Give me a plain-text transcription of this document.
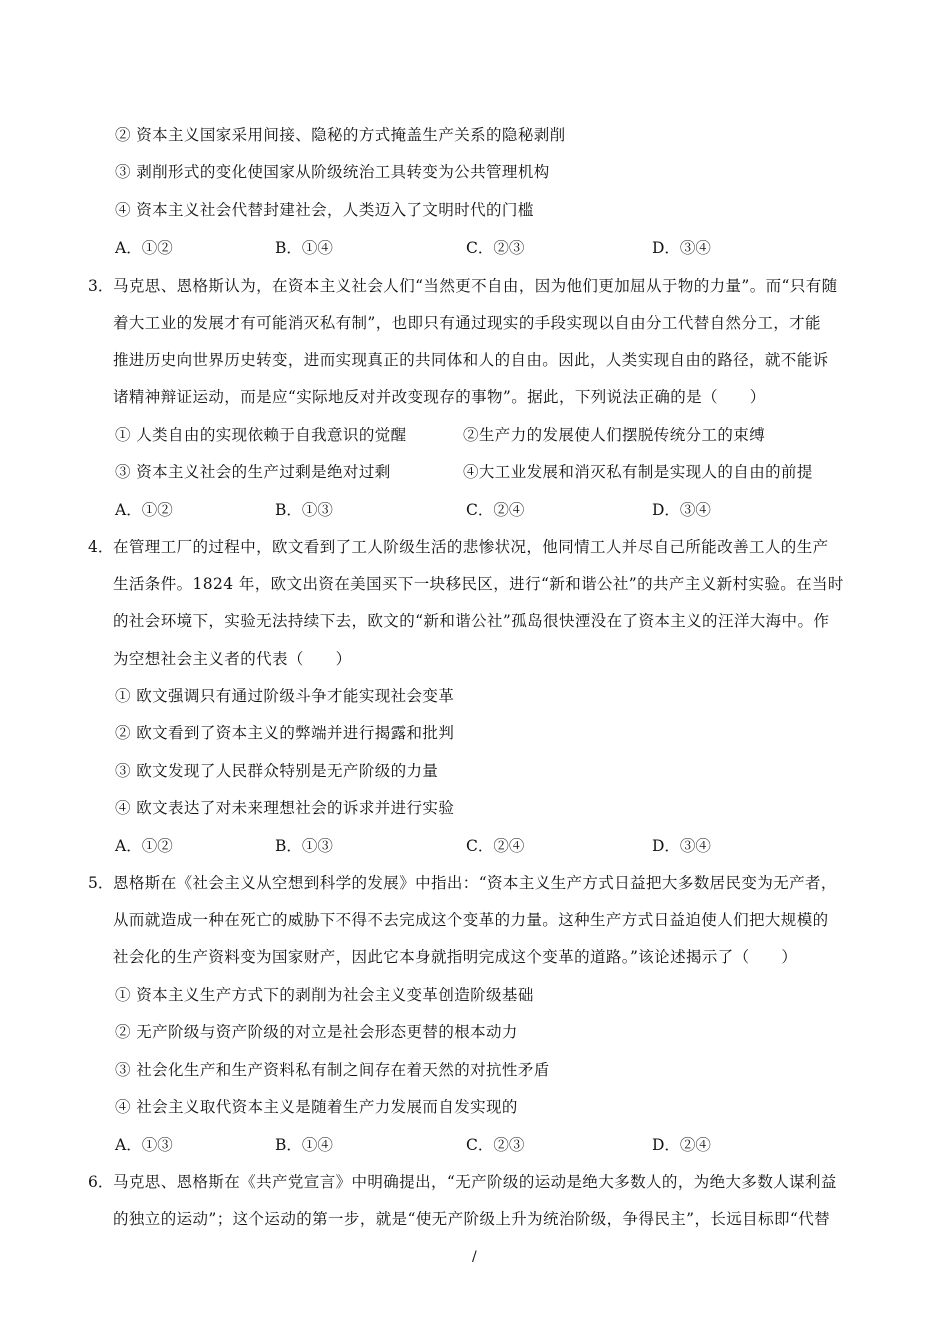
② 资本主义国家采用间接、隐秘的方式掩盖生产关系的隐秘剥削
③ 剥削形式的变化使国家从阶级统治工具转变为公共管理机构
④ 资本主义社会代替封建社会，人类迈入了文明时代的门槛
A．①②	B．①④	C．②③	D．③④
3． 马克思、恩格斯认为，在资本主义社会人们“当然更不自由，因为他们更加屈从于物的力量”。而“只有随
着大工业的发展才有可能消灭私有制”，也即只有通过现实的手段实现以自由分工代替自然分工，才能
推进历史向世界历史转变，进而实现真正的共同体和人的自由。因此，人类实现自由的路径，就不能诉
诸精神辩证运动，而是应“实际地反对并改变现存的事物”。据此，下列说法正确的是（　　）
① 人类自由的实现依赖于自我意识的觉醒	②生产力的发展使人们摆脱传统分工的束缚
③ 资本主义社会的生产过剩是绝对过剩	④大工业发展和消灭私有制是实现人的自由的前提
A．①②	B．①③	C．②④	D．③④
4． 在管理工厂的过程中，欧文看到了工人阶级生活的悲惨状况，他同情工人并尽自己所能改善工人的生产
生活条件。1824 年，欧文出资在美国买下一块移民区，进行“新和谐公社”的共产主义新村实验。在当时
的社会环境下，实验无法持续下去，欧文的“新和谐公社”孤岛很快湮没在了资本主义的汪洋大海中。作
为空想社会主义者的代表（　　）
① 欧文强调只有通过阶级斗争才能实现社会变革
② 欧文看到了资本主义的弊端并进行揭露和批判
③ 欧文发现了人民群众特别是无产阶级的力量
④ 欧文表达了对未来理想社会的诉求并进行实验
A．①②	B．①③	C．②④	D．③④
5． 恩格斯在《社会主义从空想到科学的发展》中指出：“资本主义生产方式日益把大多数居民变为无产者，
从而就造成一种在死亡的威胁下不得不去完成这个变革的力量。这种生产方式日益迫使人们把大规模的
社会化的生产资料变为国家财产，因此它本身就指明完成这个变革的道路。”该论述揭示了（　　）
① 资本主义生产方式下的剥削为社会主义变革创造阶级基础
② 无产阶级与资产阶级的对立是社会形态更替的根本动力
③ 社会化生产和生产资料私有制之间存在着天然的对抗性矛盾
④ 社会主义取代资本主义是随着生产力发展而自发实现的
A．①③	B．①④	C．②③	D．②④
6． 马克思、恩格斯在《共产党宣言》中明确提出，“无产阶级的运动是绝大多数人的，为绝大多数人谋利益
的独立的运动”；这个运动的第一步，就是“使无产阶级上升为统治阶级，争得民主”，长远目标即“代替
/
